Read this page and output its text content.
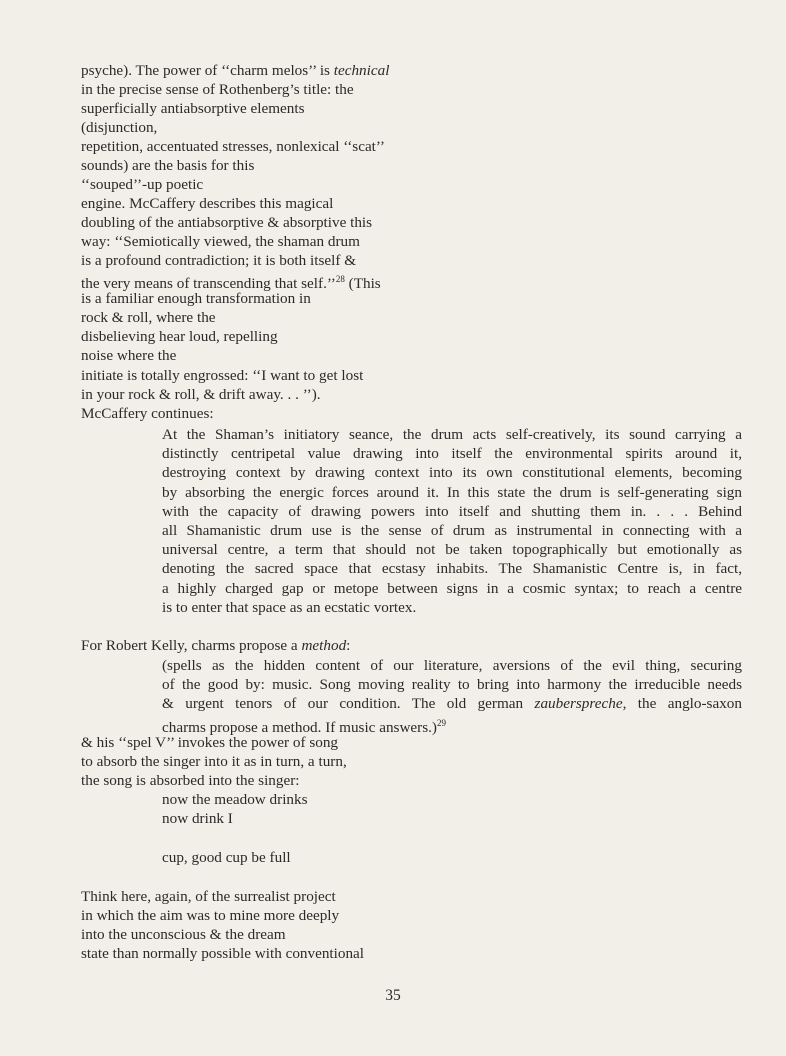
psyche). The power of ‘‘charm melos’’ is technical
in the precise sense of Rothenberg’s title: the
superficially antiabsorptive elements
(disjunction,
repetition, accentuated stresses, nonlexical ‘‘scat’’
sounds) are the basis for this
‘‘souped’’-up poetic
engine. McCaffery describes this magical
doubling of the antiabsorptive & absorptive this
way: ‘‘Semiotically viewed, the shaman drum
is a profound contradiction; it is both itself &
the very means of transcending that self.’’$^{28}$ (This
is a familiar enough transformation in
rock & roll, where the
disbelieving hear loud, repelling
noise where the
initiate is totally engrossed: ‘‘I want to get lost
in your rock & roll, & drift away. . . ’’).
McCaffery continues:
At the Shaman’s initiatory seance, the drum acts self-creatively, its sound carrying a
distinctly centripetal value drawing into itself the environmental spirits around it,
destroying context by drawing context into its own constitutional elements, becoming
by absorbing the energic forces around it. In this state the drum is self-generating sign
with the capacity of drawing powers into itself and shutting them in. . . . Behind
all Shamanistic drum use is the sense of drum as instrumental in connecting with a
universal centre, a term that should not be taken topographically but emotionally as
denoting the sacred space that ecstasy inhabits. The Shamanistic Centre is, in fact,
a highly charged gap or metope between signs in a cosmic syntax; to reach a centre
is to enter that space as an ecstatic vortex.
For Robert Kelly, charms propose a method:
(spells as the hidden content of our literature, aversions of the evil thing, securing
of the good by: music. Song moving reality to bring into harmony the irreducible needs
& urgent tenors of our condition. The old german zauberspreche, the anglo-saxon
charms propose a method. If music answers.)$^{29}$
& his ‘‘spel V’’ invokes the power of song
to absorb the singer into it as in turn, a turn,
the song is absorbed into the singer:
now the meadow drinks
now drink I
cup, good cup be full
Think here, again, of the surrealist project
in which the aim was to mine more deeply
into the unconscious & the dream
state than normally possible with conventional
35
